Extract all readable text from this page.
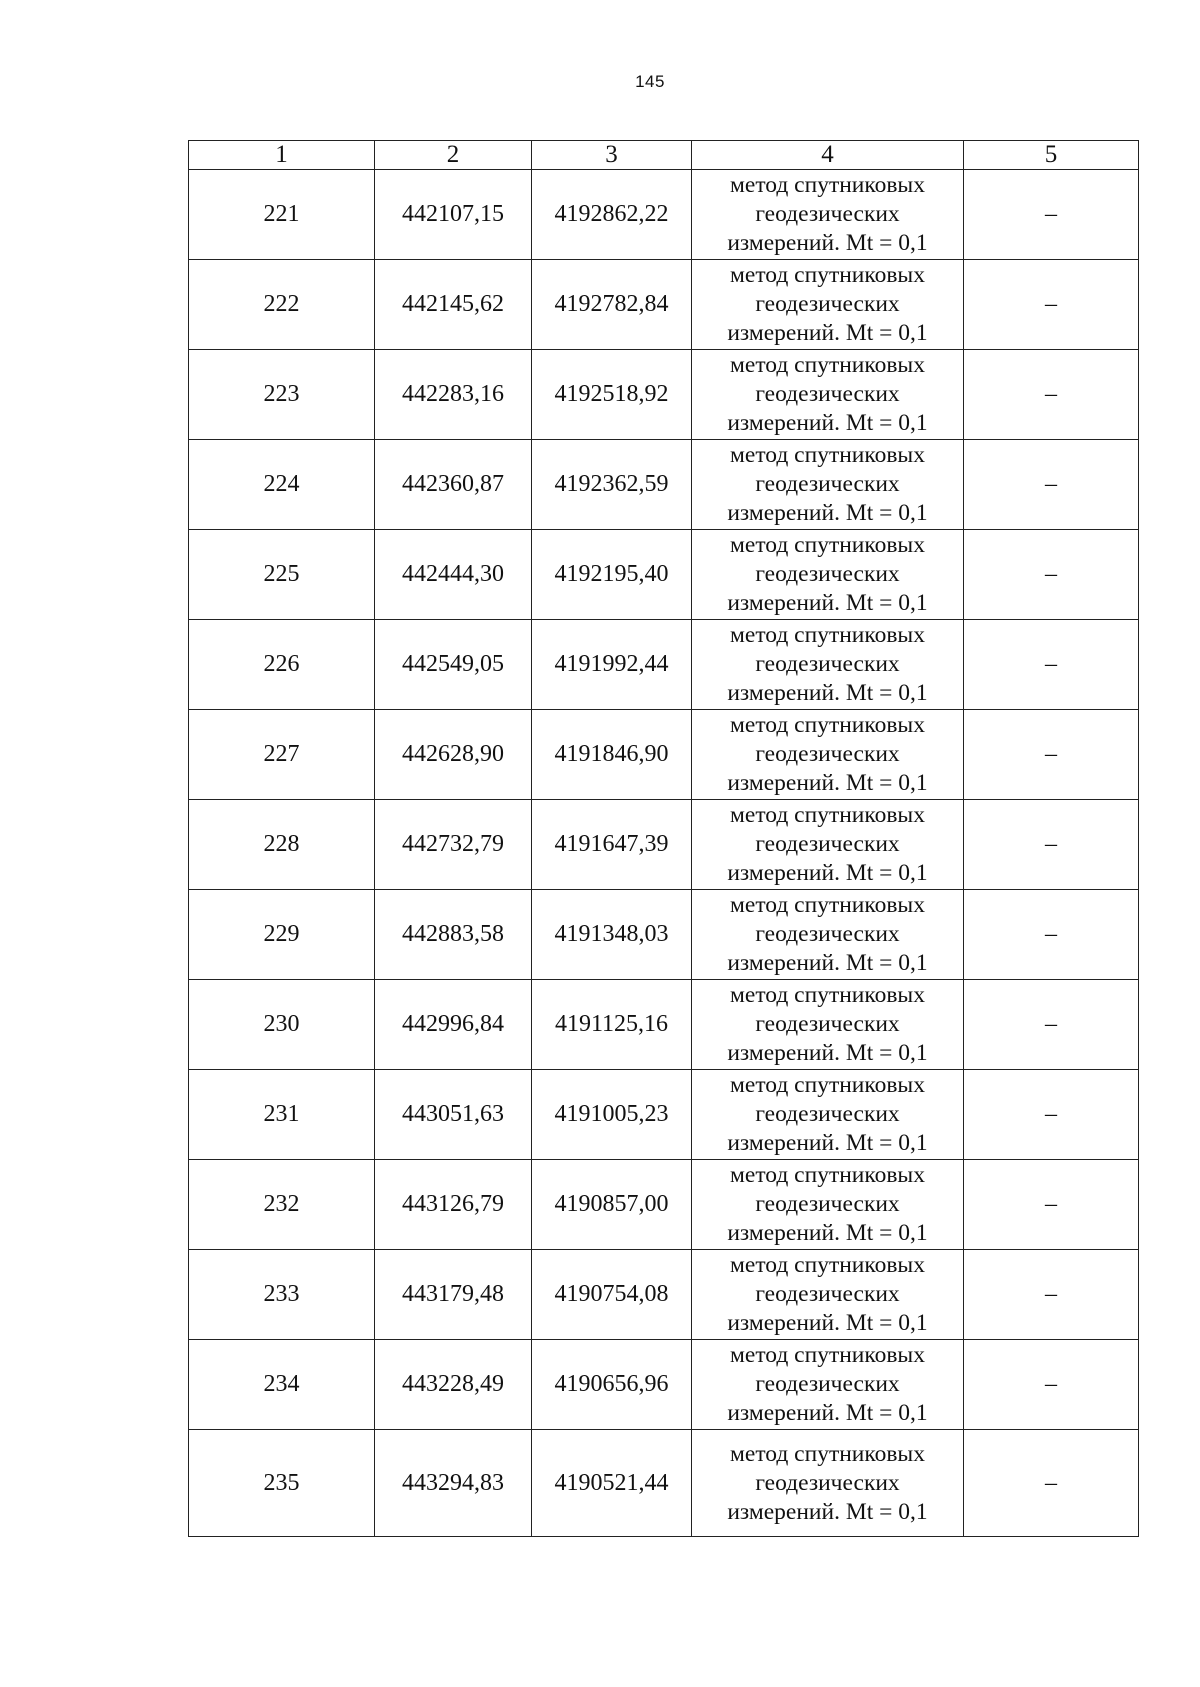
145
1	2	3	4	5
221	442107,15	4192862,22	метод спутниковых
геодезических
измерений. Mt = 0,1	–
222	442145,62	4192782,84	метод спутниковых
геодезических
измерений. Mt = 0,1	–
223	442283,16	4192518,92	метод спутниковых
геодезических
измерений. Mt = 0,1	–
224	442360,87	4192362,59	метод спутниковых
геодезических
измерений. Mt = 0,1	–
225	442444,30	4192195,40	метод спутниковых
геодезических
измерений. Mt = 0,1	–
226	442549,05	4191992,44	метод спутниковых
геодезических
измерений. Mt = 0,1	–
227	442628,90	4191846,90	метод спутниковых
геодезических
измерений. Mt = 0,1	–
228	442732,79	4191647,39	метод спутниковых
геодезических
измерений. Mt = 0,1	–
229	442883,58	4191348,03	метод спутниковых
геодезических
измерений. Mt = 0,1	–
230	442996,84	4191125,16	метод спутниковых
геодезических
измерений. Mt = 0,1	–
231	443051,63	4191005,23	метод спутниковых
геодезических
измерений. Mt = 0,1	–
232	443126,79	4190857,00	метод спутниковых
геодезических
измерений. Mt = 0,1	–
233	443179,48	4190754,08	метод спутниковых
геодезических
измерений. Mt = 0,1	–
234	443228,49	4190656,96	метод спутниковых
геодезических
измерений. Mt = 0,1	–
235	443294,83	4190521,44	метод спутниковых
геодезических
измерений. Mt = 0,1	–
